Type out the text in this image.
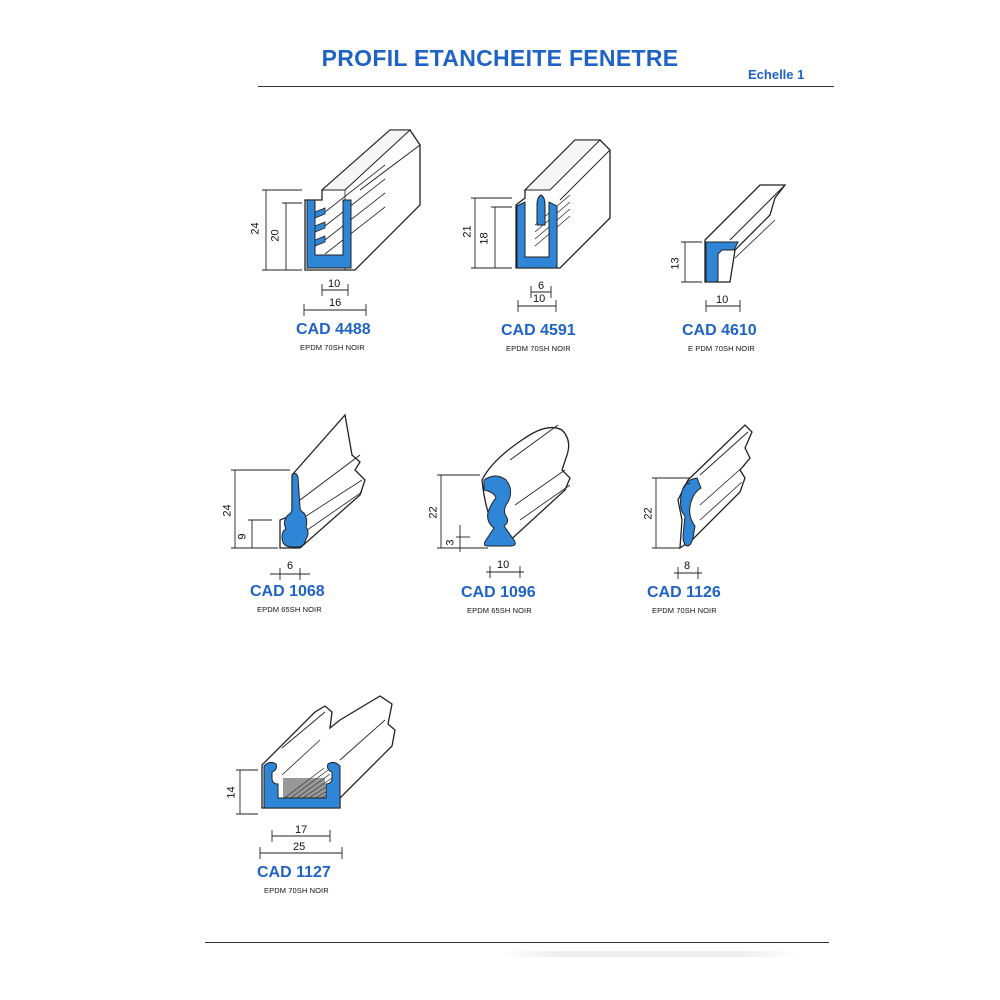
PROFIL ETANCHEITE FENETRE
Echelle 1
24
20
10
16
CAD 4488
EPDM 70SH NOIR
21
18
6
10
CAD 4591
EPDM 70SH NOIR
13
10
CAD 4610
E PDM 70SH NOIR
24
9
6
CAD 1068
EPDM 65SH NOIR
22
3
10
CAD 1096
EPDM 65SH NOIR
22
8
CAD 1126
EPDM 70SH NOIR
14
17
25
CAD 1127
EPDM 70SH NOIR
